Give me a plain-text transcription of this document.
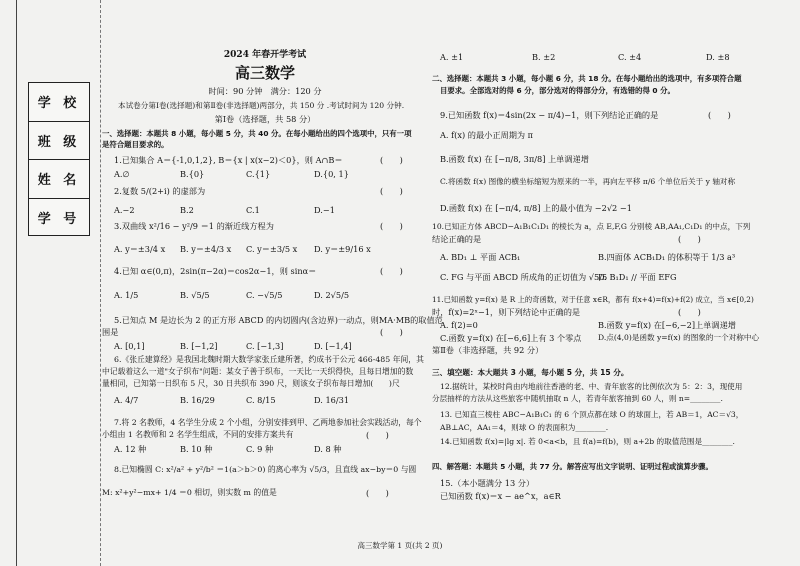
学 校
班 级
姓 名
学 号
2024 年春开学考试
高三数学
时间：90 分钟　满分：120 分
本试卷分第Ⅰ卷(选择题)和第Ⅱ卷(非选择题)两部分，共 150 分 .考试时间为 120 分钟.
第Ⅰ卷（选择题，共 58 分）
一、选择题：本题共 8 小题，每小题 5 分，共 40 分。在每小题给出的四个选项中，只有一项
是符合题目要求的。
1.已知集合 A＝{-1,0,1,2}, B＝{x | x(x−2)＜0}，则 A∩B＝	(　　)
A.∅	B.{0}	C.{1}	D.{0, 1}
2.复数 5/(2+i) 的虚部为	(　　)
A.−2	B.2	C.1	D.−1
3.双曲线 x²/16 − y²/9 ＝1 的渐近线方程为	(　　)
A. y＝±3/4 x B. y＝±4/3 x C. y＝±3/5 x D. y＝±9/16 x
4.已知 α∈(0,π)，2sin(π−2α)＝cos2α−1，则 sinα＝	(　　)
A. 1/5	B. √5/5	C. −√5/5	D. 2√5/5
5.已知点 M 是边长为 2 的正方形 ABCD 的内切圆内(含边界)一动点，则MA·MB的取值范
围是	(　　)
A. [0,1]	B. [−1,2]	C. [−1,3]	D. [−1,4]
6.《张丘建算经》是我国北魏时期大数学家张丘建所著，约成书于公元 466-485 年间，其
中记载着这么一道"女子织布"问题：某女子善于织布，一天比一天织得快，且每日增加的数
量相同，已知第一日织布 5 尺，30 日共织布 390 尺，则该女子织布每日增加(　　)尺
A. 4/7	B. 16/29	C. 8/15	D. 16/31
7.将 2 名教师，4 名学生分成 2 个小组，分别安排到甲、乙两地参加社会实践活动，每个
小组由 1 名教师和 2 名学生组成，不同的安排方案共有	(　　)
A. 12 种	B. 10 种	C. 9 种	D. 8 种
8.已知椭圆 C: x²/a² + y²/b² ＝1(a＞b＞0) 的离心率为 √5/3，且直线 ax−by＝0 与圆
M: x²+y²−mx+ 1/4 ＝0 相切，则实数 m 的值是	(　　)
A. ±1	B. ±2	C. ±4	D. ±8
二、选择题：本题共 3 小题，每小题 6 分，共 18 分。在每小题给出的选项中，有多项符合题
目要求。全部选对的得 6 分，部分选对的得部分分，有选错的得 0 分。
9.已知函数 f(x)＝4sin(2x − π/4)−1，则下列结论正确的是	(　　)
A. f(x) 的最小正周期为 π
B.函数 f(x) 在 [−π/8, 3π/8] 上单调递增
C.将函数 f(x) 图像的横坐标缩短为原来的一半，再向左平移 π/6 个单位后关于 y 轴对称
D.函数 f(x) 在 [−π/4, π/8] 上的最小值为 −2√2 −1
10.已知正方体 ABCD−A₁B₁C₁D₁ 的棱长为 a，点 E,F,G 分别棱 AB,AA₁,C₁D₁ 的中点，下列
结论正确的是	(　　)
A. BD₁ ⊥ 平面 ACB₁	B.四面体 ACB₁D₁ 的体积等于 1/3 a³
C. FG 与平面 ABCD 所成角的正切值为 √5/5
D. B₁D₁ // 平面 EFG
11.已知函数 y=f(x) 是 R 上的奇函数，对于任意 x∈R，都有 f(x+4)=f(x)+f(2) 成立，当 x∈[0,2)
时，f(x)=2ˣ−1，则下列结论中正确的是	(　　)
A. f(2)=0	B.函数 y=f(x) 在[−6,−2]上单调递增
C.函数 y=f(x) 在[−6,6]上有 3 个零点 D.点(4,0)是函数 y=f(x) 的图象的一个对称中心
第Ⅱ卷（非选择题，共 92 分）
三、填空题：本大题共 3 小题，每小题 5 分，共 15 分。
12.据统计，某校时尚由内地前往香港的老、中、青年旅客的比例依次为 5：2：3，现使用
分层抽样的方法从这些旅客中随机抽取 n 人，若青年旅客抽到 60 人，则 n=________.
13. 已知直三棱柱 ABC−A₁B₁C₁ 的 6 个顶点都在球 O 的球面上，若 AB＝1，AC＝√3，
AB⊥AC，AA₁＝4，则球 O 的表面积为________.
14.已知函数 f(x)=|lg x|. 若 0<a<b，且 f(a)=f(b)，则 a+2b 的取值范围是________.
四、解答题：本题共 5 小题，共 77 分。解答应写出文字说明、证明过程或演算步骤。
15.（本小题满分 13 分）
已知函数 f(x)＝x − ae^x，a∈R
高三数学第 1 页(共 2 页)
